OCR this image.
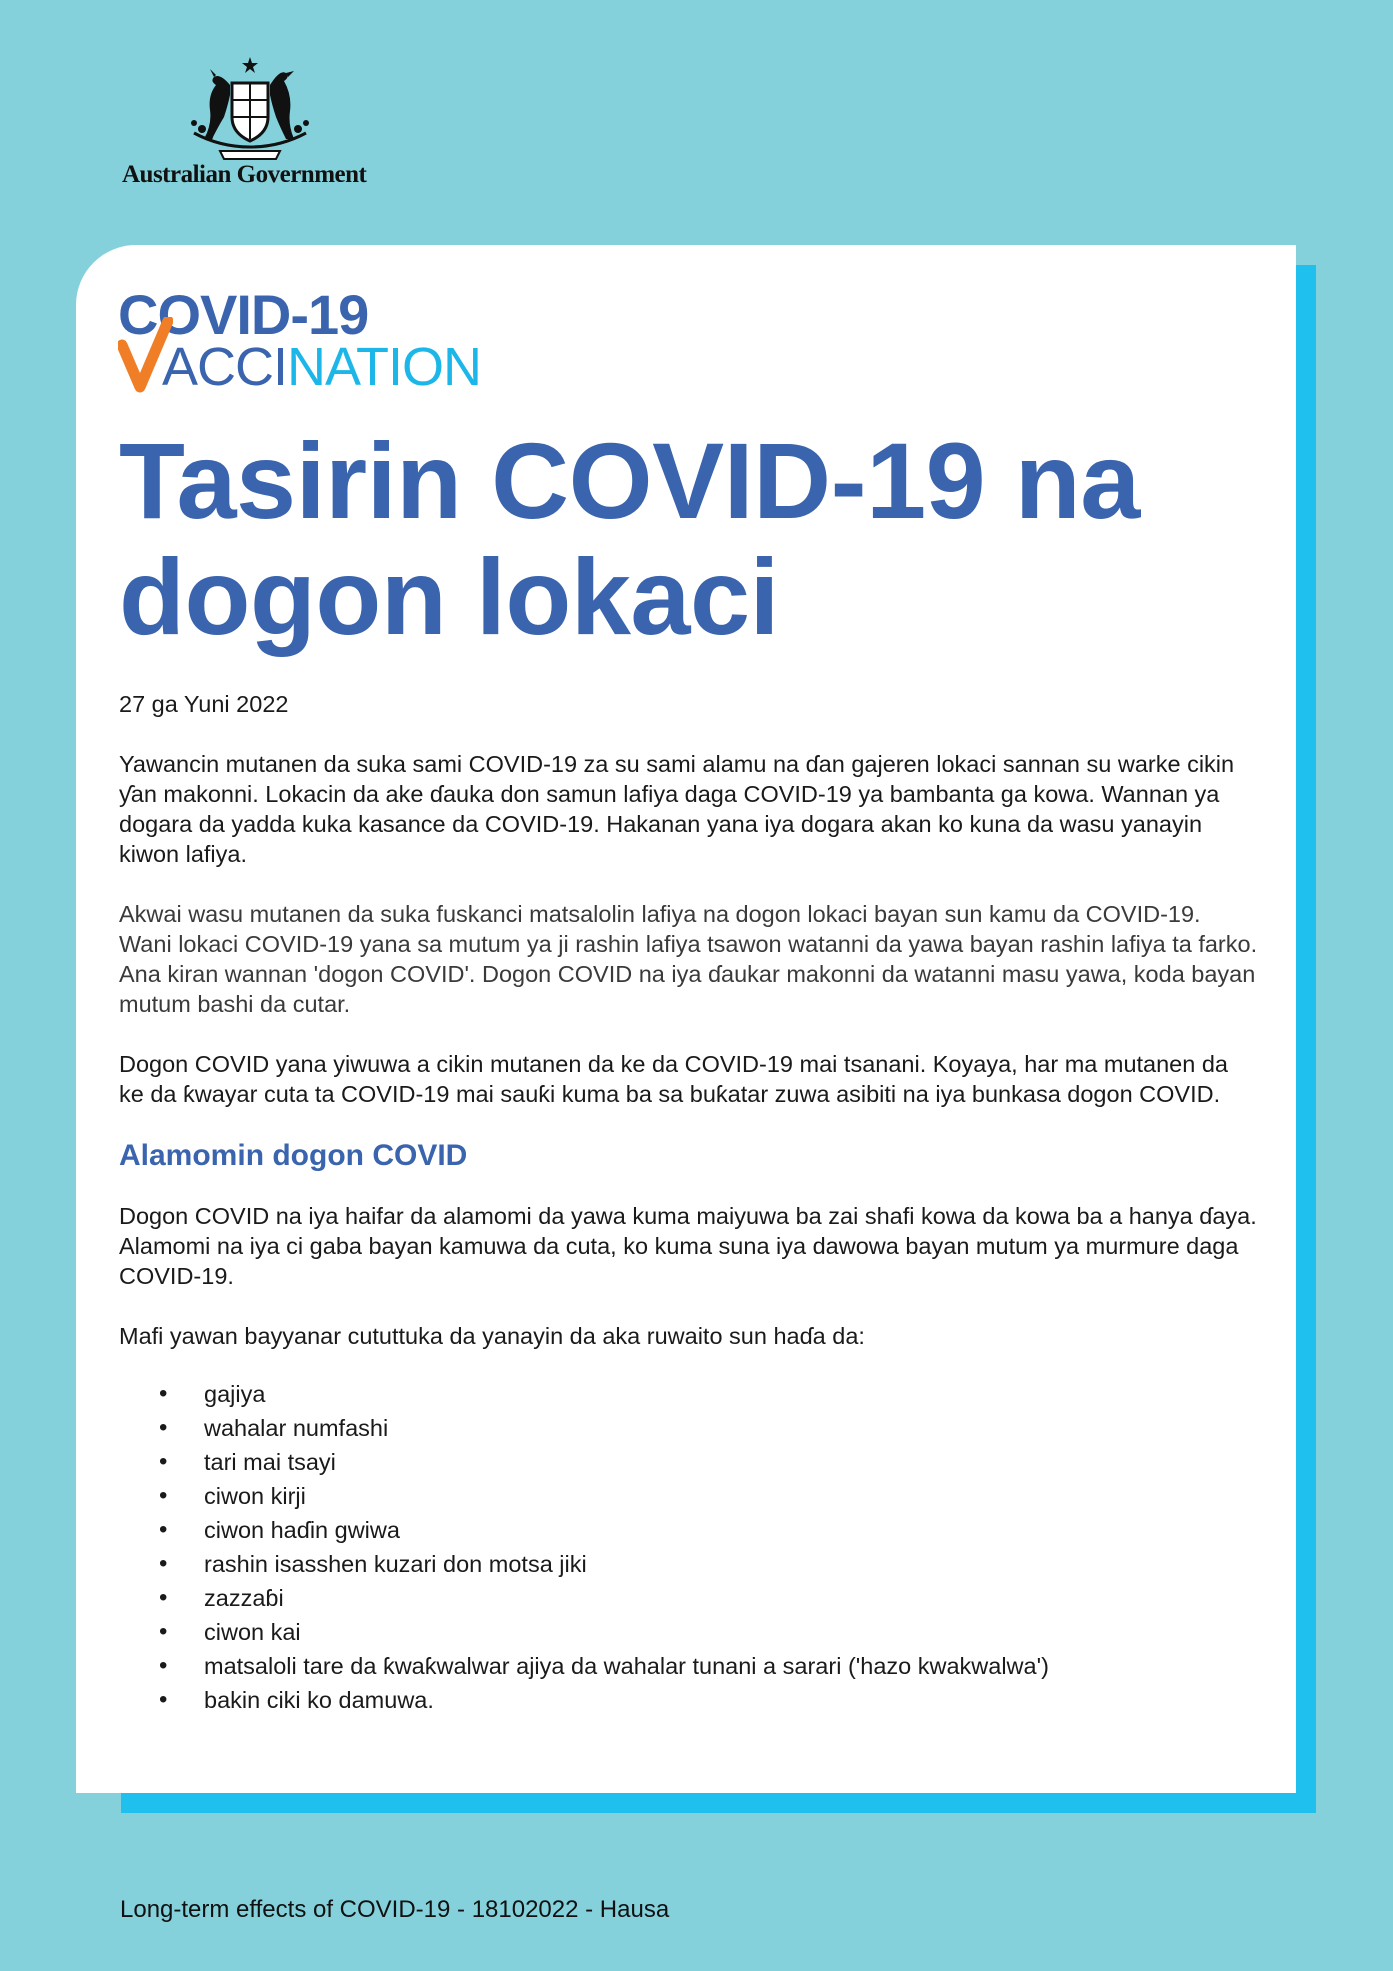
Australian Government
COVID-19
ACCINATION
Tasirin COVID-19 na dogon lokaci

27 ga Yuni 2022

Yawancin mutanen da suka sami COVID-19 za su sami alamu na ɗan gajeren lokaci sannan su warke cikin ƴan makonni. Lokacin da ake ɗauka don samun lafiya daga COVID-19 ya bambanta ga kowa. Wannan ya dogara da yadda kuka kasance da COVID-19. Hakanan yana iya dogara akan ko kuna da wasu yanayin kiwon lafiya.

Akwai wasu mutanen da suka fuskanci matsalolin lafiya na dogon lokaci bayan sun kamu da COVID-19. Wani lokaci COVID-19 yana sa mutum ya ji rashin lafiya tsawon watanni da yawa bayan rashin lafiya ta farko. Ana kiran wannan 'dogon COVID'. Dogon COVID na iya ɗaukar makonni da watanni masu yawa, koda bayan mutum bashi da cutar.

Dogon COVID yana yiwuwa a cikin mutanen da ke da COVID-19 mai tsanani. Koyaya, har ma mutanen da ke da ƙwayar cuta ta COVID-19 mai sauƙi kuma ba sa buƙatar zuwa asibiti na iya bunkasa dogon COVID.

Alamomin dogon COVID

Dogon COVID na iya haifar da alamomi da yawa kuma maiyuwa ba zai shafi kowa da kowa ba a hanya ɗaya. Alamomi na iya ci gaba bayan kamuwa da cuta, ko kuma suna iya dawowa bayan mutum ya murmure daga COVID-19.

Mafi yawan bayyanar cututtuka da yanayin da aka ruwaito sun haɗa da:

• gajiya
• wahalar numfashi
• tari mai tsayi
• ciwon kirji
• ciwon haɗin gwiwa
• rashin isasshen kuzari don motsa jiki
• zazzaɓi
• ciwon kai
• matsaloli tare da ƙwaƙwalwar ajiya da wahalar tunani a sarari ('hazo kwakwalwa')
• bakin ciki ko damuwa.
Long-term effects of COVID-19 - 18102022 - Hausa
